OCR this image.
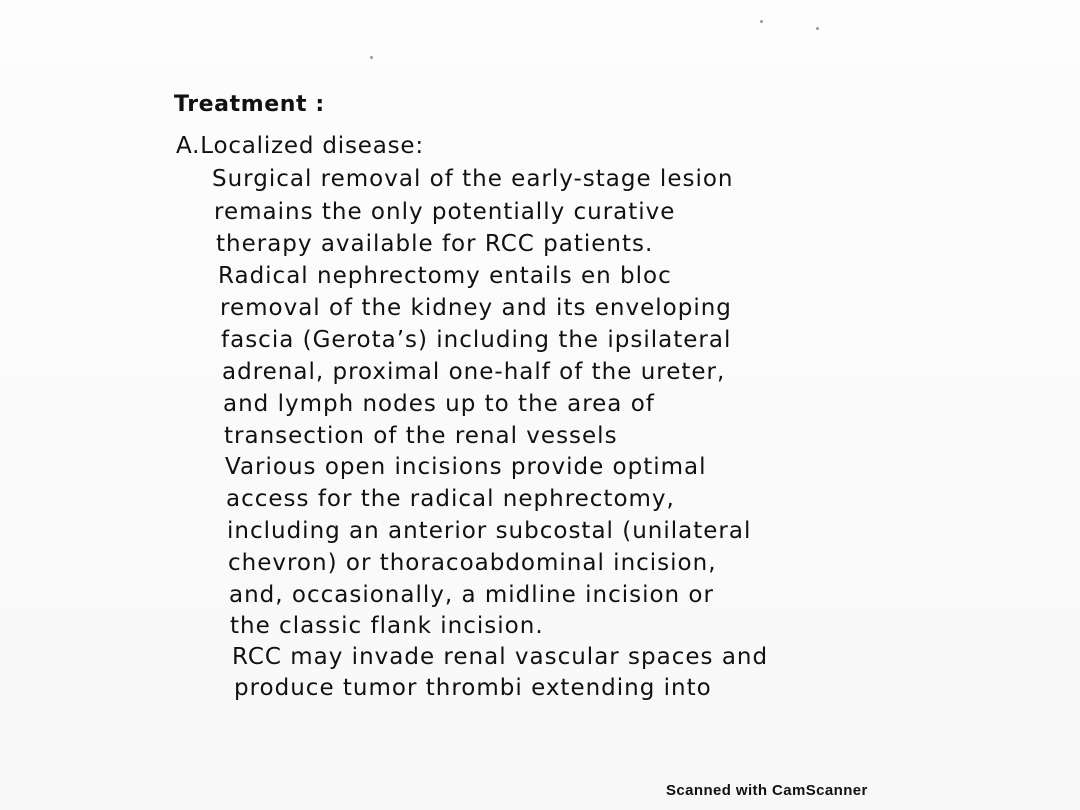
Treatment :
A.Localized disease:
Surgical removal of the early-stage lesion
remains the only potentially curative
therapy available for RCC patients.
Radical nephrectomy entails en bloc
removal of the kidney and its enveloping
fascia (Gerota’s) including the ipsilateral
adrenal, proximal one-half of the ureter,
and lymph nodes up to the area of
transection of the renal vessels
Various open incisions provide optimal
access for the radical nephrectomy,
including an anterior subcostal (unilateral
chevron) or thoracoabdominal incision,
and, occasionally, a midline incision or
the classic flank incision.
RCC may invade renal vascular spaces and
produce tumor thrombi extending into
Scanned with CamScanner
